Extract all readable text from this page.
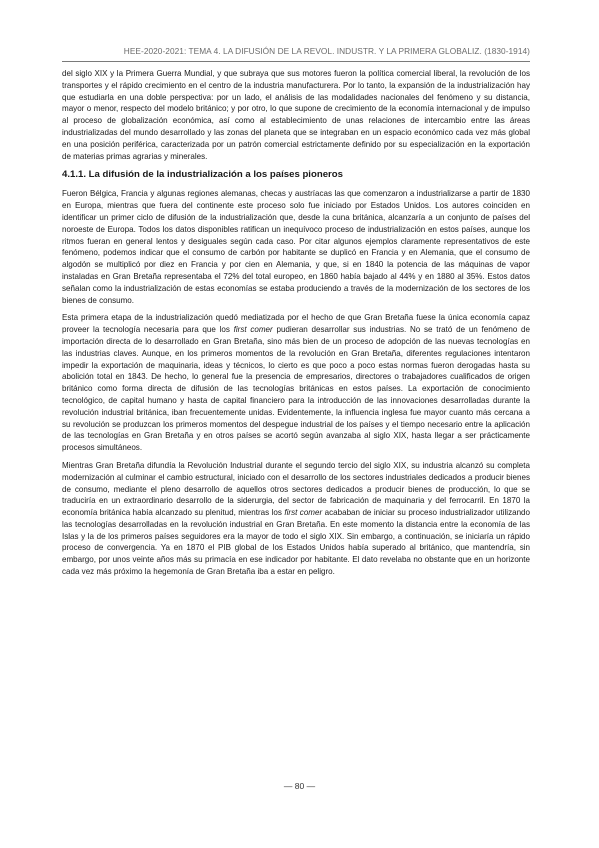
HEE-2020-2021: TEMA 4. LA DIFUSIÓN DE LA REVOL. INDUSTR. Y LA PRIMERA GLOBALIZ. (1830-1914)

del siglo XIX y la Primera Guerra Mundial, y que subraya que sus motores fueron la política comercial liberal, la revolución de los transportes y el rápido crecimiento en el centro de la industria manufacturera. Por lo tanto, la expansión de la industrialización hay que estudiarla en una doble perspectiva: por un lado, el análisis de las modalidades nacionales del fenómeno y su distancia, mayor o menor, respecto del modelo británico; y por otro, lo que supone de crecimiento de la economía internacional y de impulso al proceso de globalización económica, así como al establecimiento de unas relaciones de intercambio entre las áreas industrializadas del mundo desarrollado y las zonas del planeta que se integraban en un espacio económico cada vez más global en una posición periférica, caracterizada por un patrón comercial estrictamente definido por su especialización en la exportación de materias primas agrarias y minerales.

4.1.1. La difusión de la industrialización a los países pioneros

Fueron Bélgica, Francia y algunas regiones alemanas, checas y austríacas las que comenzaron a industrializarse a partir de 1830 en Europa, mientras que fuera del continente este proceso solo fue iniciado por Estados Unidos. Los autores coinciden en identificar un primer ciclo de difusión de la industrialización que, desde la cuna británica, alcanzaría a un conjunto de países del noroeste de Europa. Todos los datos disponibles ratifican un inequívoco proceso de industrialización en estos países, aunque los ritmos fueran en general lentos y desiguales según cada caso. Por citar algunos ejemplos claramente representativos de este fenómeno, podemos indicar que el consumo de carbón por habitante se duplicó en Francia y en Alemania, que el consumo de algodón se multiplicó por diez en Francia y por cien en Alemania, y que, si en 1840 la potencia de las máquinas de vapor instaladas en Gran Bretaña representaba el 72% del total europeo, en 1860 había bajado al 44% y en 1880 al 35%. Estos datos señalan como la industrialización de estas economías se estaba produciendo a través de la modernización de los sectores de los bienes de consumo.

Esta primera etapa de la industrialización quedó mediatizada por el hecho de que Gran Bretaña fuese la única economía capaz proveer la tecnología necesaria para que los first comer pudieran desarrollar sus industrias. No se trató de un fenómeno de importación directa de lo desarrollado en Gran Bretaña, sino más bien de un proceso de adopción de las nuevas tecnologías en las industrias claves. Aunque, en los primeros momentos de la revolución en Gran Bretaña, diferentes regulaciones intentaron impedir la exportación de maquinaria, ideas y técnicos, lo cierto es que poco a poco estas normas fueron derogadas hasta su abolición total en 1843. De hecho, lo general fue la presencia de empresarios, directores o trabajadores cualificados de origen británico como forma directa de difusión de las tecnologías británicas en estos países. La exportación de conocimiento tecnológico, de capital humano y hasta de capital financiero para la introducción de las innovaciones desarrolladas durante la revolución industrial británica, iban frecuentemente unidas. Evidentemente, la influencia inglesa fue mayor cuanto más cercana a su revolución se produzcan los primeros momentos del despegue industrial de los países y el tiempo necesario entre la aplicación de las tecnologías en Gran Bretaña y en otros países se acortó según avanzaba al siglo XIX, hasta llegar a ser prácticamente procesos simultáneos.

Mientras Gran Bretaña difundía la Revolución Industrial durante el segundo tercio del siglo XIX, su industria alcanzó su completa modernización al culminar el cambio estructural, iniciado con el desarrollo de los sectores industriales dedicados a producir bienes de consumo, mediante el pleno desarrollo de aquellos otros sectores dedicados a producir bienes de producción, lo que se traduciría en un extraordinario desarrollo de la siderurgia, del sector de fabricación de maquinaria y del ferrocarril. En 1870 la economía británica había alcanzado su plenitud, mientras los first comer acababan de iniciar su proceso industrializador utilizando las tecnologías desarrolladas en la revolución industrial en Gran Bretaña. En este momento la distancia entre la economía de las Islas y la de los primeros países seguidores era la mayor de todo el siglo XIX. Sin embargo, a continuación, se iniciaría un rápido proceso de convergencia. Ya en 1870 el PIB global de los Estados Unidos había superado al británico, que mantendría, sin embargo, por unos veinte años más su primacía en ese indicador por habitante. El dato revelaba no obstante que en un horizonte cada vez más próximo la hegemonía de Gran Bretaña iba a estar en peligro.

— 80 —
